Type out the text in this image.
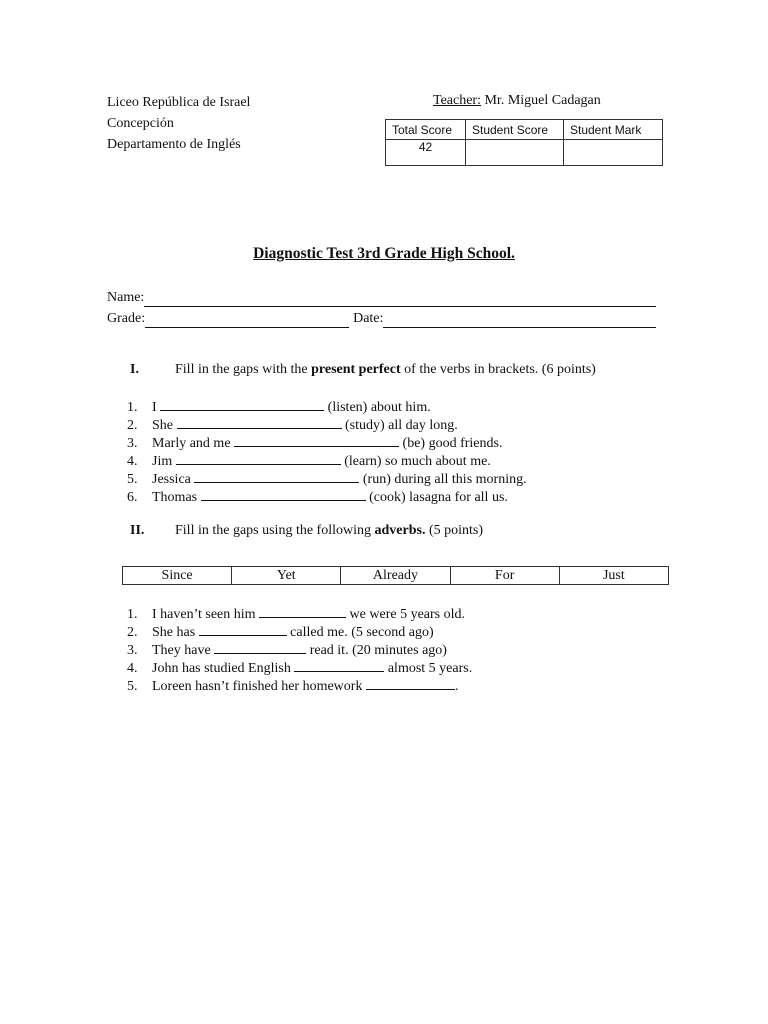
Liceo República de Israel
Concepción
Departamento de Inglés
Teacher: Mr. Miguel Cadagan
Total Score	Student Score	Student Mark
42		
Diagnostic Test 3rd Grade High School.
Name:
Grade:	Date:
I.	Fill in the gaps with the present perfect of the verbs in brackets. (6 points)
1. I	(listen) about him.
2. She	(study) all day long.
3. Marly and me	(be) good friends.
4. Jim	(learn) so much about me.
5. Jessica	(run) during all this morning.
6. Thomas	(cook) lasagna for all us.
II. Fill in the gaps using the following adverbs. (5 points)
Since	Yet	Already	For	Just
1. I haven’t seen him	we were 5 years old.
2. She has	called me. (5 second ago)
3. They have	read it. (20 minutes ago)
4. John has studied English	almost 5 years.
5. Loreen hasn’t finished her homework	.
